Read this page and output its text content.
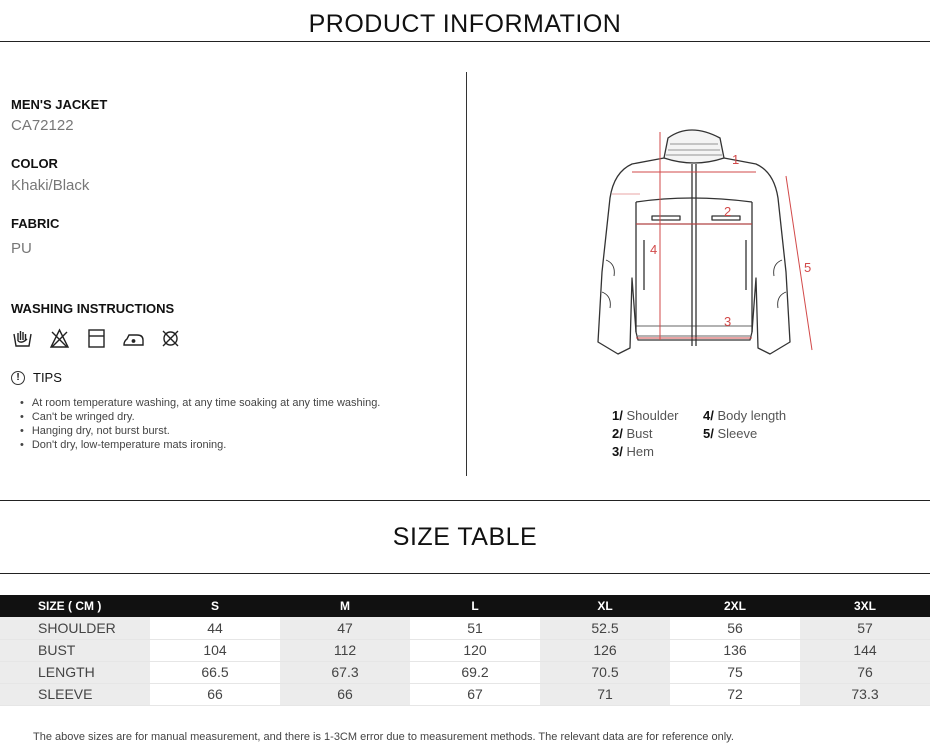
PRODUCT INFORMATION
MEN'S JACKET
CA72122
COLOR
Khaki/Black
FABRIC
PU
WASHING INSTRUCTIONS
!	TIPS
• At room temperature washing, at any time soaking at any time washing.
• Can't be wringed dry.
• Hanging dry, not burst burst.
• Don't dry, low-temperature mats ironing.
1
2
3
4
5
1/ Shoulder 4/ Body length
2/ Bust	5/ Sleeve
3/ Hem
SIZE TABLE
SIZE ( CM )	S	M	L	XL	2XL	3XL
SHOULDER	44	47	51	52.5	56	57
BUST	104	112	120	126	136	144
LENGTH	66.5	67.3	69.2	70.5	75	76
SLEEVE	66	66	67	71	72	73.3
The above sizes are for manual measurement, and there is 1-3CM error due to measurement methods. The relevant data are for reference only.
